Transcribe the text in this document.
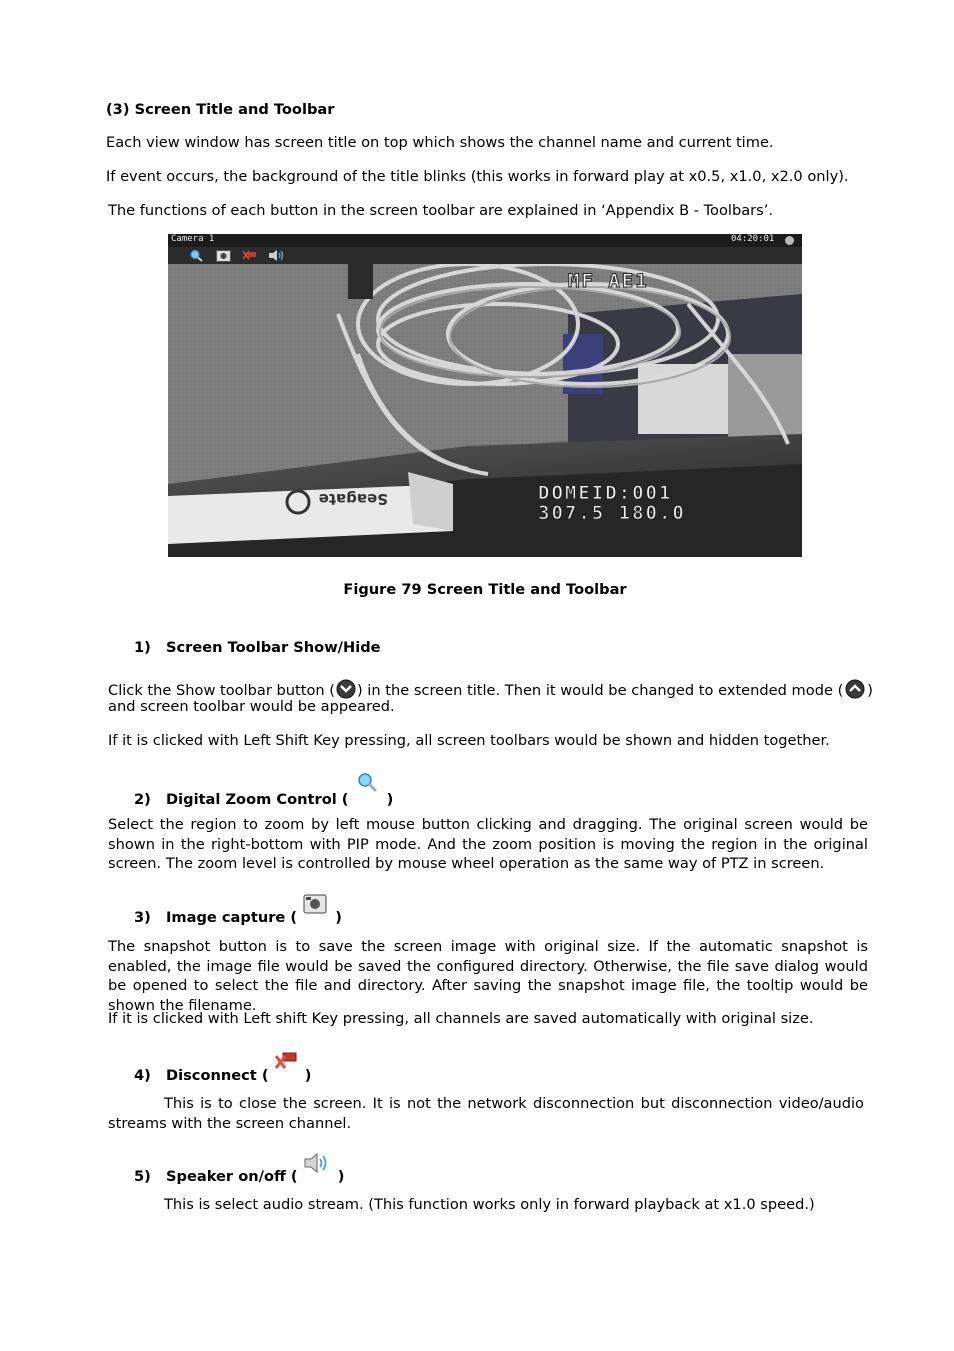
(3) Screen Title and Toolbar
Each view window has screen title on top which shows the channel name and current time.
If event occurs, the background of the title blinks (this works in forward play at x0.5, x1.0, x2.0 only).
The functions of each button in the screen toolbar are explained in ‘Appendix B - Toolbars’.
Seagate
Camera 1	04:20:01
MF AE1
DOMEID:001
307.5 180.0
Figure 79 Screen Title and Toolbar
1) Screen Toolbar Show/Hide
Click the Show toolbar button ( ) in the screen title. Then it would be changed to extended mode ( )
and screen toolbar would be appeared.
If it is clicked with Left Shift Key pressing, all screen toolbars would be shown and hidden together.
2) Digital Zoom Control (	)
Select the region to zoom by left mouse button clicking and dragging. The original screen would be shown in the right-bottom with PIP mode. And the zoom position is moving the region in the original screen. The zoom level is controlled by mouse wheel operation as the same way of PTZ in screen.
3) Image capture (	)
The snapshot button is to save the screen image with original size. If the automatic snapshot is enabled, the image file would be saved the configured directory. Otherwise, the file save dialog would be opened to select the file and directory. After saving the snapshot image file, the tooltip would be shown the filename.
If it is clicked with Left shift Key pressing, all channels are saved automatically with original size.
4) Disconnect ( )
This is to close the screen. It is not the network disconnection but disconnection video/audio streams with the screen channel.
5) Speaker on/off (	)
This is select audio stream. (This function works only in forward playback at x1.0 speed.)
